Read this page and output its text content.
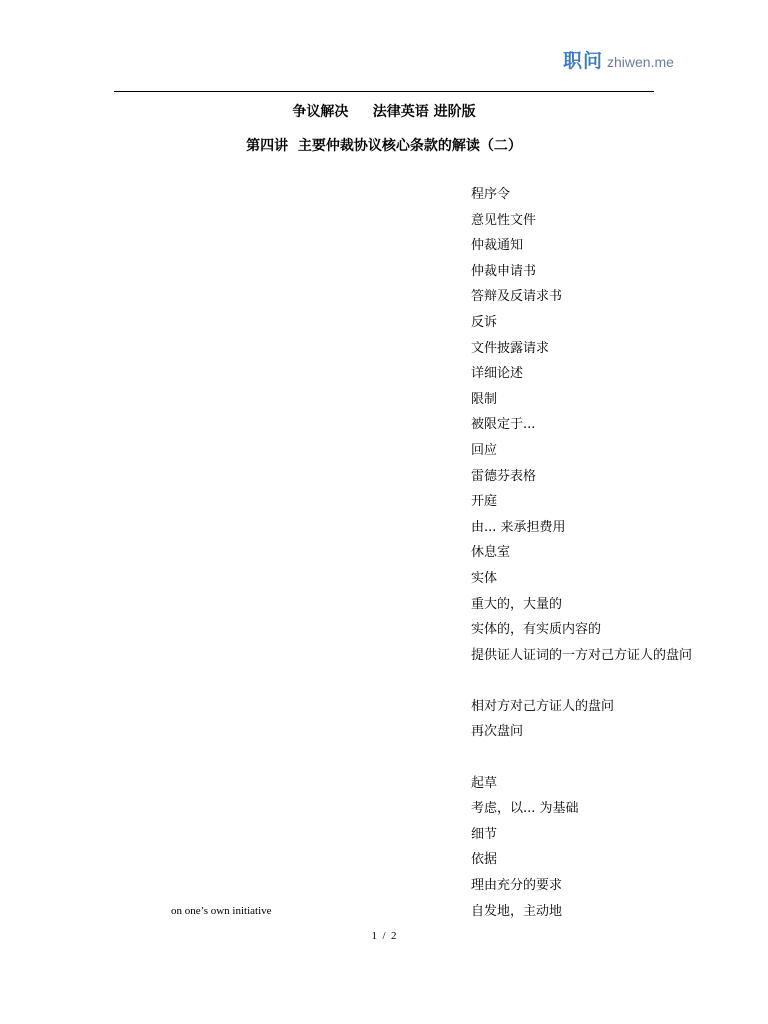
职问 zhiwen.me
争议解决     法律英语 进阶版
第四讲  主要仲裁协议核心条款的解读（二）
程序令
意见性文件
仲裁通知
仲裁申请书
答辩及反请求书
反诉
文件披露请求
详细论述
限制
被限定于...
回应
雷德芬表格
开庭
由... 来承担费用
休息室
实体
重大的，大量的
实体的，有实质内容的
提供证人证词的一方对己方证人的盘问
相对方对己方证人的盘问
再次盘问
起草
考虑，以... 为基础
细节
依据
理由充分的要求
自发地，主动地
on one’s own initiative
1  /  2
